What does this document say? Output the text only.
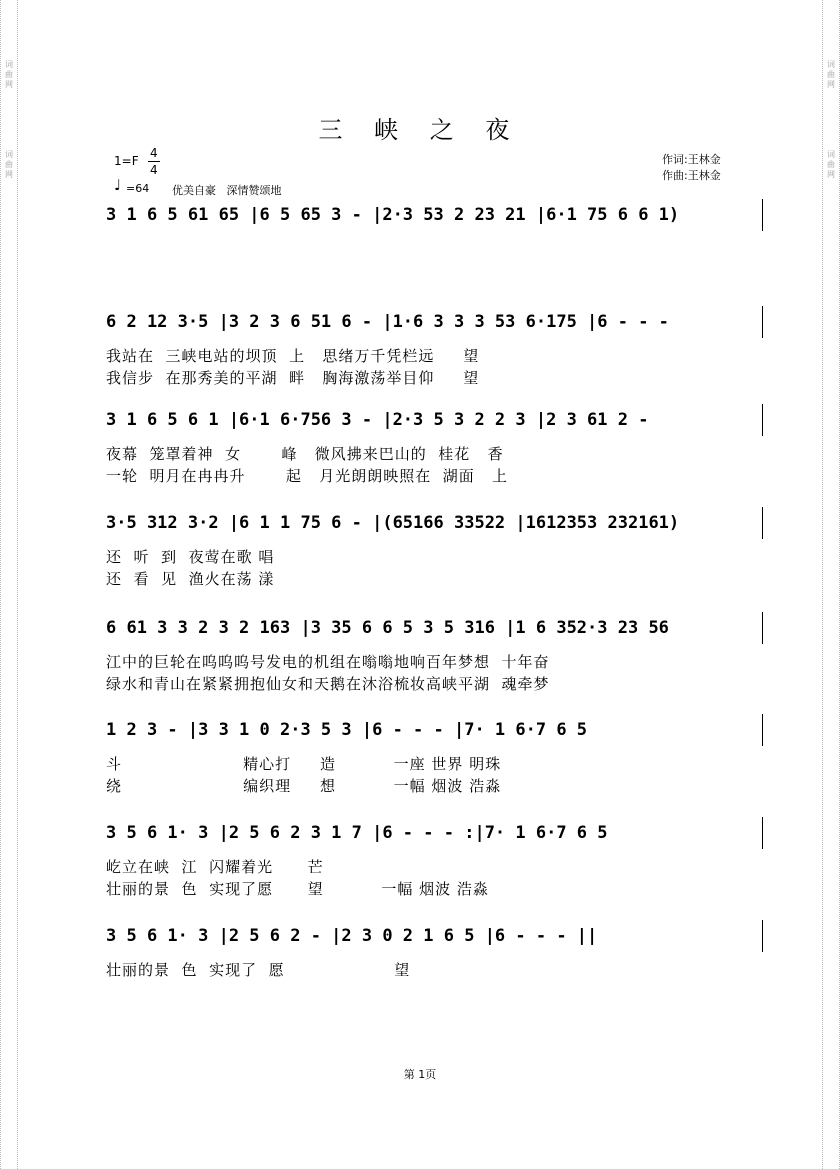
词
曲
网
词
曲
网
词
曲
网
词
曲
网
三 峡 之 夜
1=F
4
4
♩ =64 优美自豪   深情赞颂地
作词:王林金
作曲:王林金
3 1 6 5 61 65 |6 5 65 3 - |2·3 53 2 23 21 |6·1 75 6 6 1)
6 2 12 3·5 |3 2 3 6 51 6 - |1·6 3 3 3 53 6·175 |6 - - -
我站在  三峡电站的坝顶  上   思绪万千凭栏远     望
我信步  在那秀美的平湖  畔   胸海激荡举目仰     望
3 1 6 5 6 1 |6·1 6·756 3 - |2·3 5 3 2 2 3 |2 3 61 2 -
夜幕  笼罩着神  女       峰   微风拂来巴山的  桂花   香
一轮  明月在冉冉升       起   月光朗朗映照在  湖面   上
3·5 312 3·2 |6 1 1 75 6 - |(65166 33522 |1612353 232161)
还  听  到  夜莺在歌 唱
还  看  见  渔火在荡 漾
6 61 3 3 2 3 2 163 |3 35 6 6 5 3 5 316 |1 6 352·3 23 56
江中的巨轮在呜呜呜号发电的机组在嗡嗡地响百年梦想  十年奋
绿水和青山在紧紧拥抱仙女和天鹅在沐浴梳妆高峡平湖  魂牵梦
1 2 3 - |3 3 1 0 2·3 5 3 |6 - - - |7· 1 6·7 6 5
斗                     精心打     造          一座 世界 明珠
绕                     编织理     想          一幅 烟波 浩淼
3 5 6 1· 3 |2 5 6 2 3 1 7 |6 - - - :|7· 1 6·7 6 5
屹立在峡  江  闪耀着光      芒
壮丽的景  色  实现了愿      望          一幅 烟波 浩淼
3 5 6 1· 3 |2 5 6 2 - |2 3 0 2 1 6 5 |6 - - - ||
壮丽的景  色  实现了  愿                   望
第 1页
